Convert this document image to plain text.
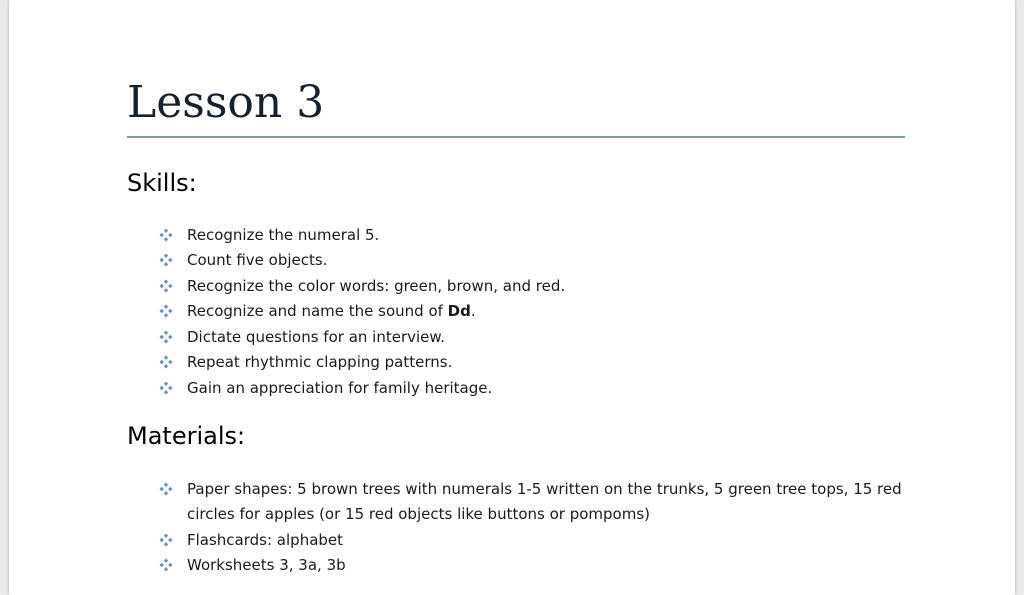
Lesson 3
Skills:
Recognize the numeral 5.
Count five objects.
Recognize the color words: green, brown, and red.
Recognize and name the sound of Dd.
Dictate questions for an interview.
Repeat rhythmic clapping patterns.
Gain an appreciation for family heritage.
Materials:
Paper shapes: 5 brown trees with numerals 1-5 written on the trunks, 5 green tree tops, 15 red
circles for apples (or 15 red objects like buttons or pompoms)
Flashcards: alphabet
Worksheets 3, 3a, 3b
